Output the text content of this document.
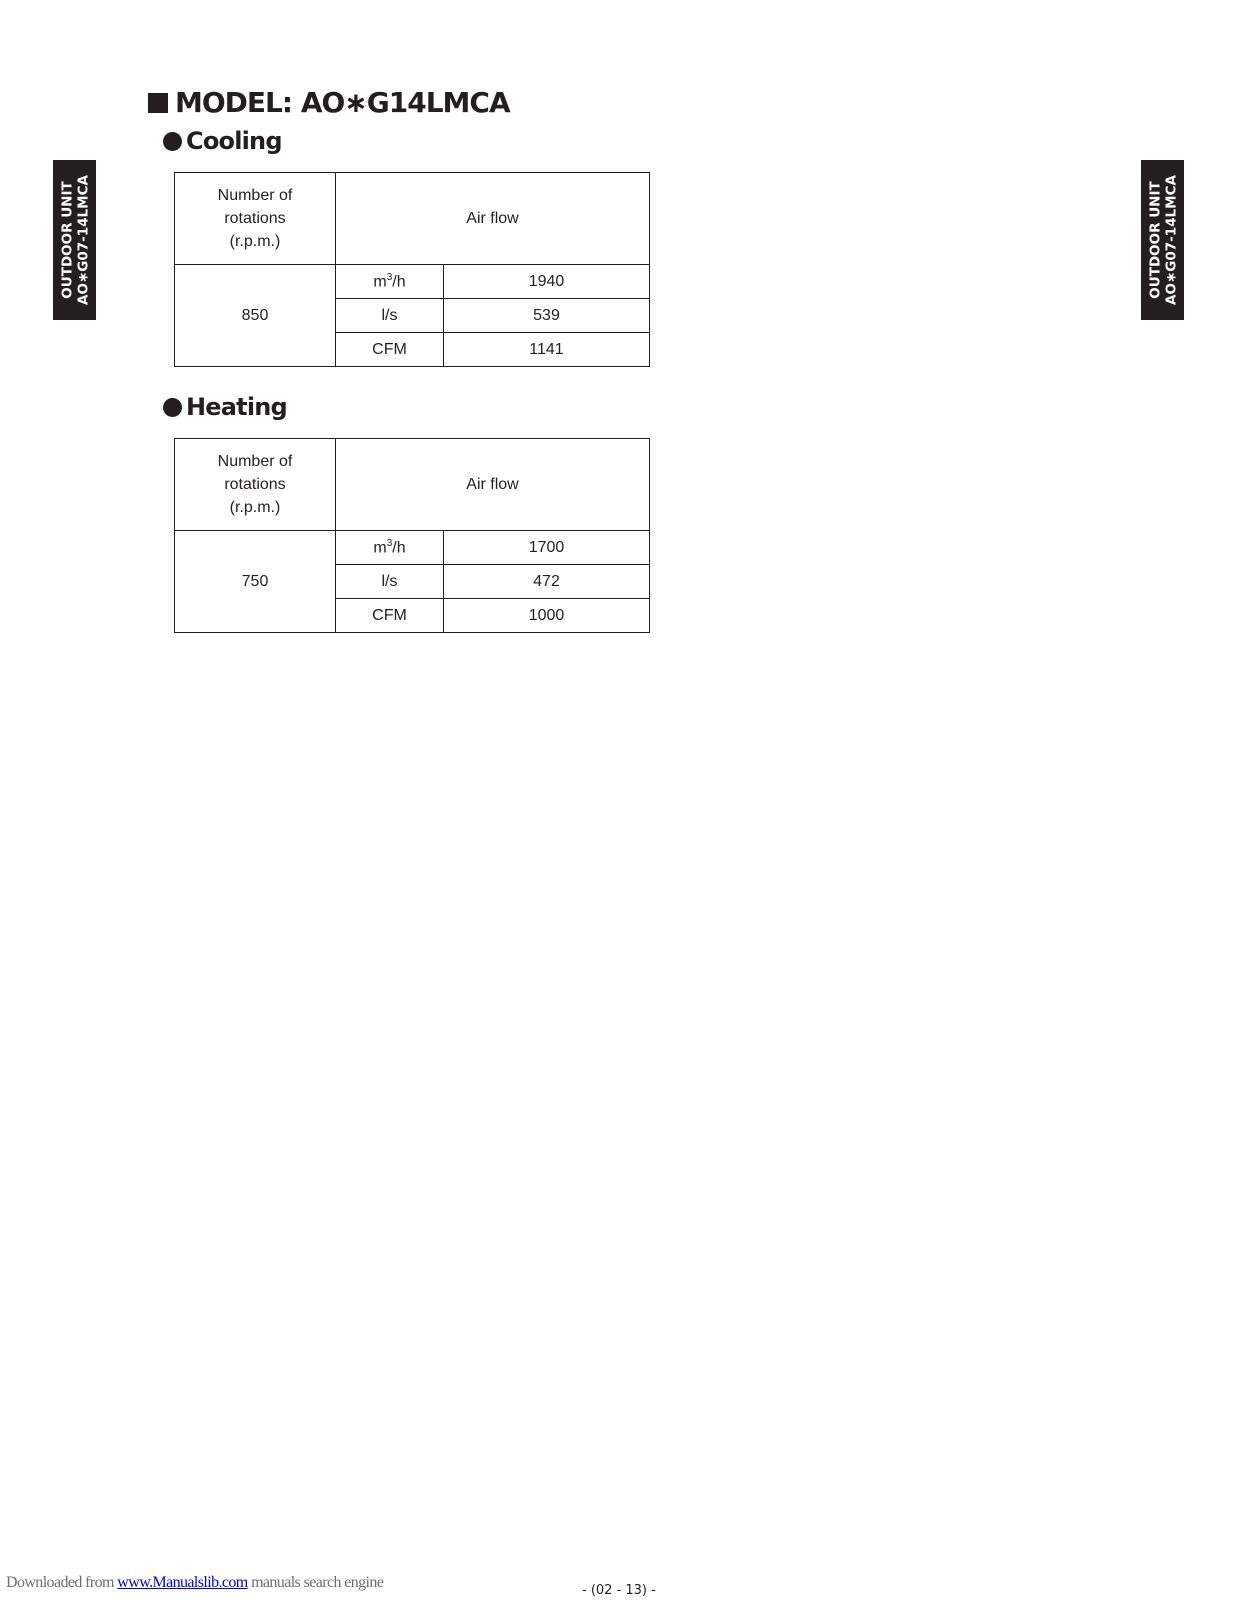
OUTDOOR UNIT AO∗G07-14LMCA	OUTDOOR UNIT AO∗G07-14LMCA
MODEL: AO∗G14LMCA
Cooling
Number of
rotations
(r.p.m.)	Air flow	
850	$m^3/h$	1940
	l/s	539
	CFM	1141
Heating
Number of
rotations
(r.p.m.)	Air flow	
750	$m^3/h$	1700
	l/s	472
	CFM	1000
Downloaded from www.Manualslib.com manuals search engine	- (02 - 13) -
